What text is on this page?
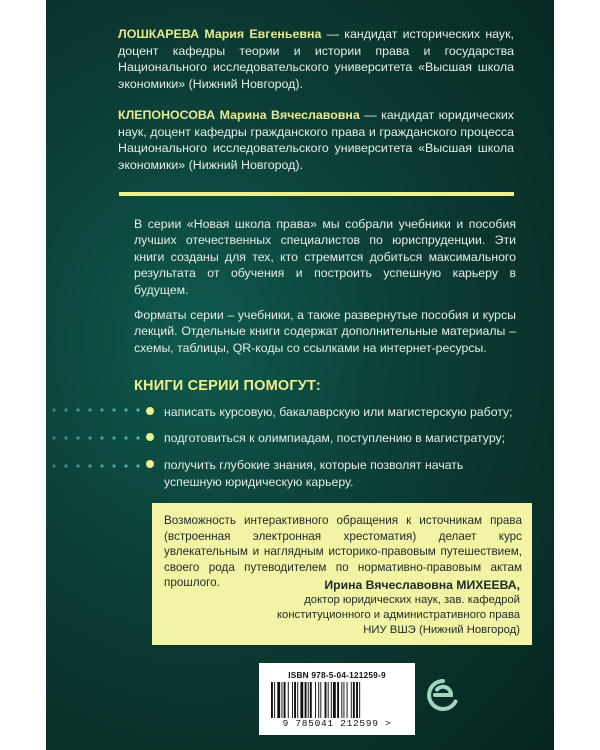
ЛОШКАРЕВА Мария Евгеньевна — кандидат исторических наук, доцент кафедры теории и истории права и государства Национального исследовательского университета «Высшая школа экономики» (Нижний Новгород).
КЛЕПОНОСОВА Марина Вячеславовна — кандидат юридических наук, доцент кафедры гражданского права и гражданского процесса Национального исследовательского университета «Высшая школа экономики» (Нижний Новгород).

В серии «Новая школа права» мы собрали учебники и пособия лучших отечественных специалистов по юриспруденции. Эти книги созданы для тех, кто стремится добиться максимального результата от обучения и построить успешную карьеру в будущем.

Форматы серии – учебники, а также развернутые пособия и курсы лекций. Отдельные книги содержат дополнительные материалы – схемы, таблицы, QR-коды со ссылками на интернет-ресурсы.

КНИГИ СЕРИИ ПОМОГУТ:
написать курсовую, бакалаврскую или магистерскую работу;
подготовиться к олимпиадам, поступлению в магистратуру;
получить глубокие знания, которые позволят начать успешную юридическую карьеру.
Возможность интерактивного обращения к источникам права (встроенная электронная хрестоматия) делает курс увлекательным и наглядным историко-правовым путешествием, своего рода путеводителем по нормативно-правовым актам прошлого.	Ирина Вячеславовна МИХЕЕВА,
доктор юридических наук, зав. кафедрой
конституционного и административного права
НИУ ВШЭ (Нижний Новгород)
ISBN 978-5-04-121259-9
9 785041 212599 >
